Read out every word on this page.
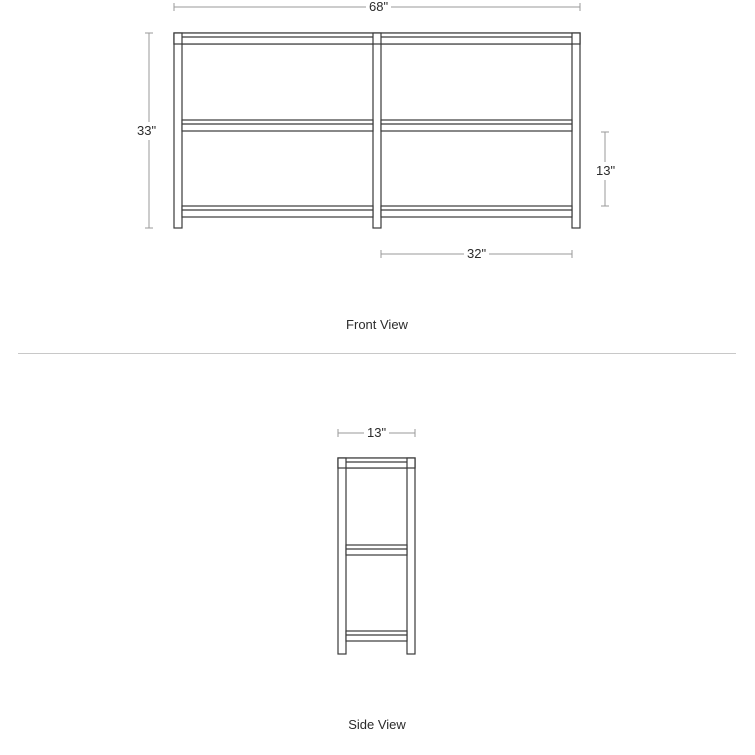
68"
33"
13"
32"
Front View
13"
Side View
